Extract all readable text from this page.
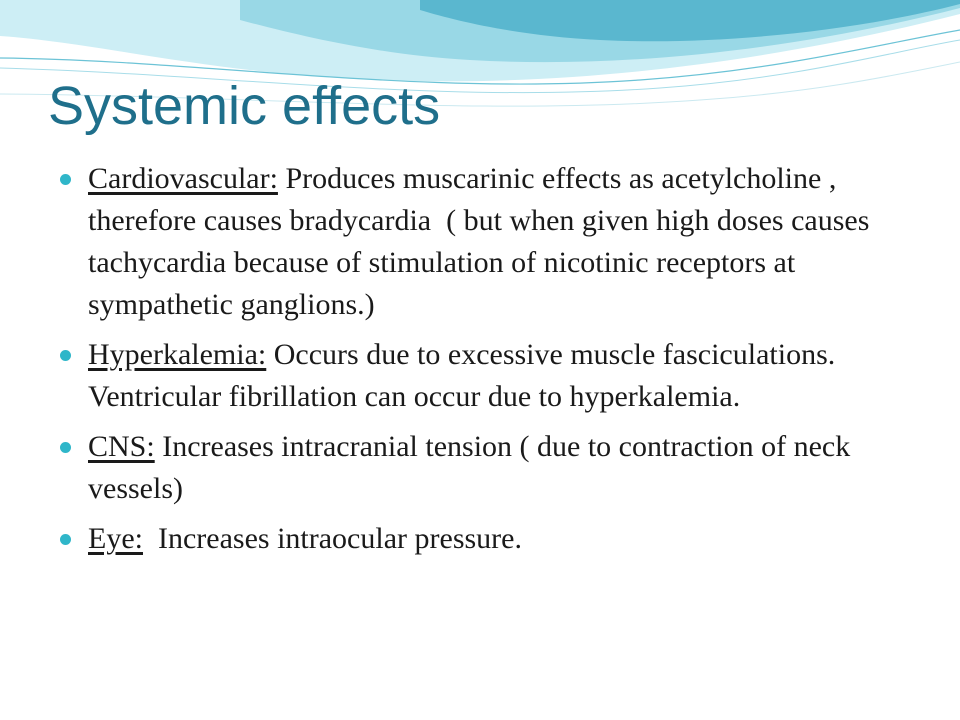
Systemic effects
Cardiovascular: Produces muscarinic effects as acetylcholine , therefore causes bradycardia  ( but when given high doses causes tachycardia because of stimulation of nicotinic receptors at sympathetic ganglions.)
Hyperkalemia: Occurs due to excessive muscle fasciculations.  Ventricular fibrillation can occur due to hyperkalemia.
CNS: Increases intracranial tension ( due to contraction of neck vessels)
Eye:  Increases intraocular pressure.
